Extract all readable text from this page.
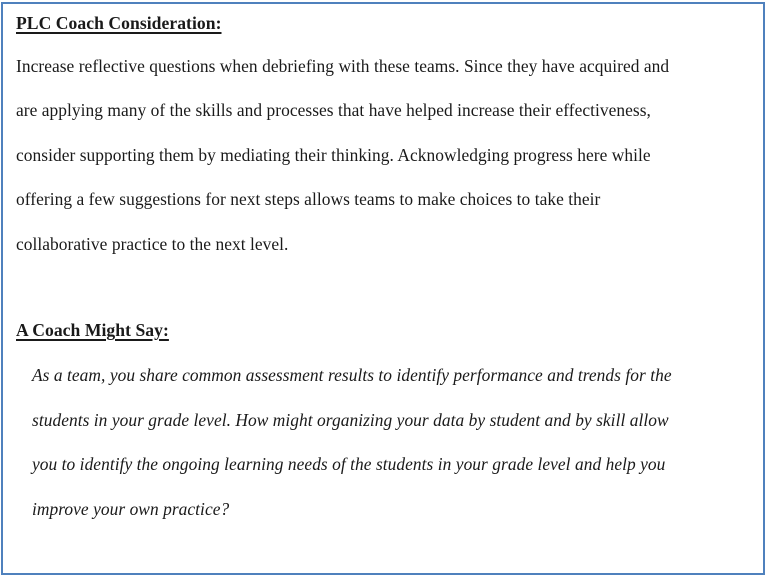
PLC Coach Consideration:
Increase reflective questions when debriefing with these teams. Since they have acquired and
are applying many of the skills and processes that have helped increase their effectiveness,
consider supporting them by mediating their thinking. Acknowledging progress here while
offering a few suggestions for next steps allows teams to make choices to take their
collaborative practice to the next level.
A Coach Might Say:
As a team, you share common assessment results to identify performance and trends for the
students in your grade level. How might organizing your data by student and by skill allow
you to identify the ongoing learning needs of the students in your grade level and help you
improve your own practice?
